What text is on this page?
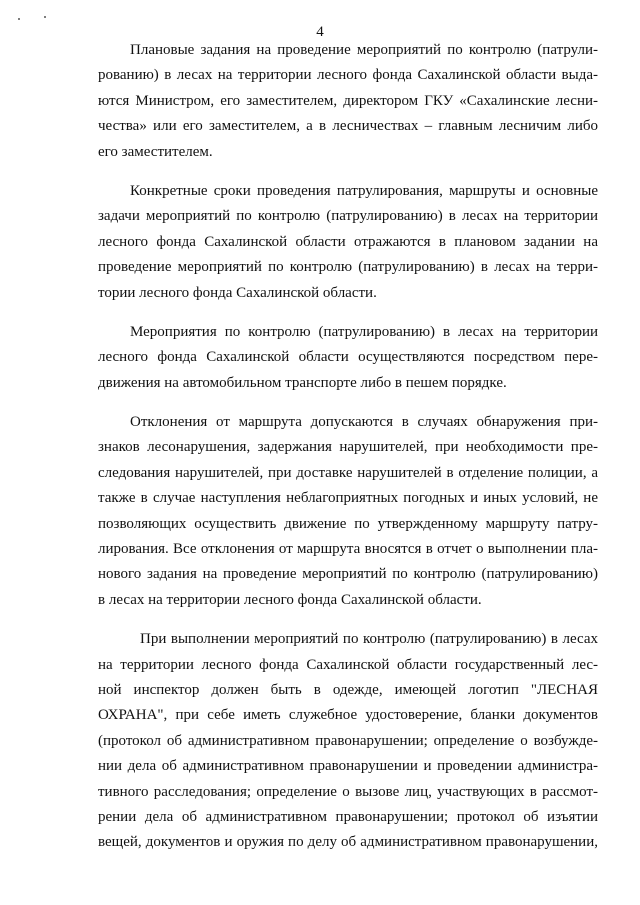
4

Плановые задания на проведение мероприятий по контролю (патрули-
рованию) в лесах на территории лесного фонда Сахалинской области выда-
ются Министром, его заместителем, директором ГКУ «Сахалинские лесни-
чества» или его заместителем, а в лесничествах – главным лесничим либо
его заместителем.

Конкретные сроки проведения патрулирования, маршруты и основные
задачи мероприятий по контролю (патрулированию) в лесах на территории
лесного фонда Сахалинской области отражаются в плановом задании на
проведение мероприятий по контролю (патрулированию) в лесах на терри-
тории лесного фонда Сахалинской области.

Мероприятия по контролю (патрулированию) в лесах на территории
лесного фонда Сахалинской области осуществляются посредством пере-
движения на автомобильном транспорте либо в пешем порядке.

Отклонения от маршрута допускаются в случаях обнаружения при-
знаков лесонарушения, задержания нарушителей, при необходимости пре-
следования нарушителей, при доставке нарушителей в отделение полиции, а
также в случае наступления неблагоприятных погодных и иных условий, не
позволяющих осуществить движение по утвержденному маршруту патру-
лирования. Все отклонения от маршрута вносятся в отчет о выполнении пла-
нового задания на проведение мероприятий по контролю (патрулированию)
в лесах на территории лесного фонда Сахалинской области.

При выполнении мероприятий по контролю (патрулированию) в лесах
на территории лесного фонда Сахалинской области государственный лес-
ной инспектор должен быть в одежде, имеющей логотип "ЛЕСНАЯ
ОХРАНА", при себе иметь служебное удостоверение, бланки документов
(протокол об административном правонарушении; определение о возбужде-
нии дела об административном правонарушении и проведении администра-
тивного расследования; определение о вызове лиц, участвующих в рассмот-
рении дела об административном правонарушении; протокол об изъятии
вещей, документов и оружия по делу об административном правонарушении,
